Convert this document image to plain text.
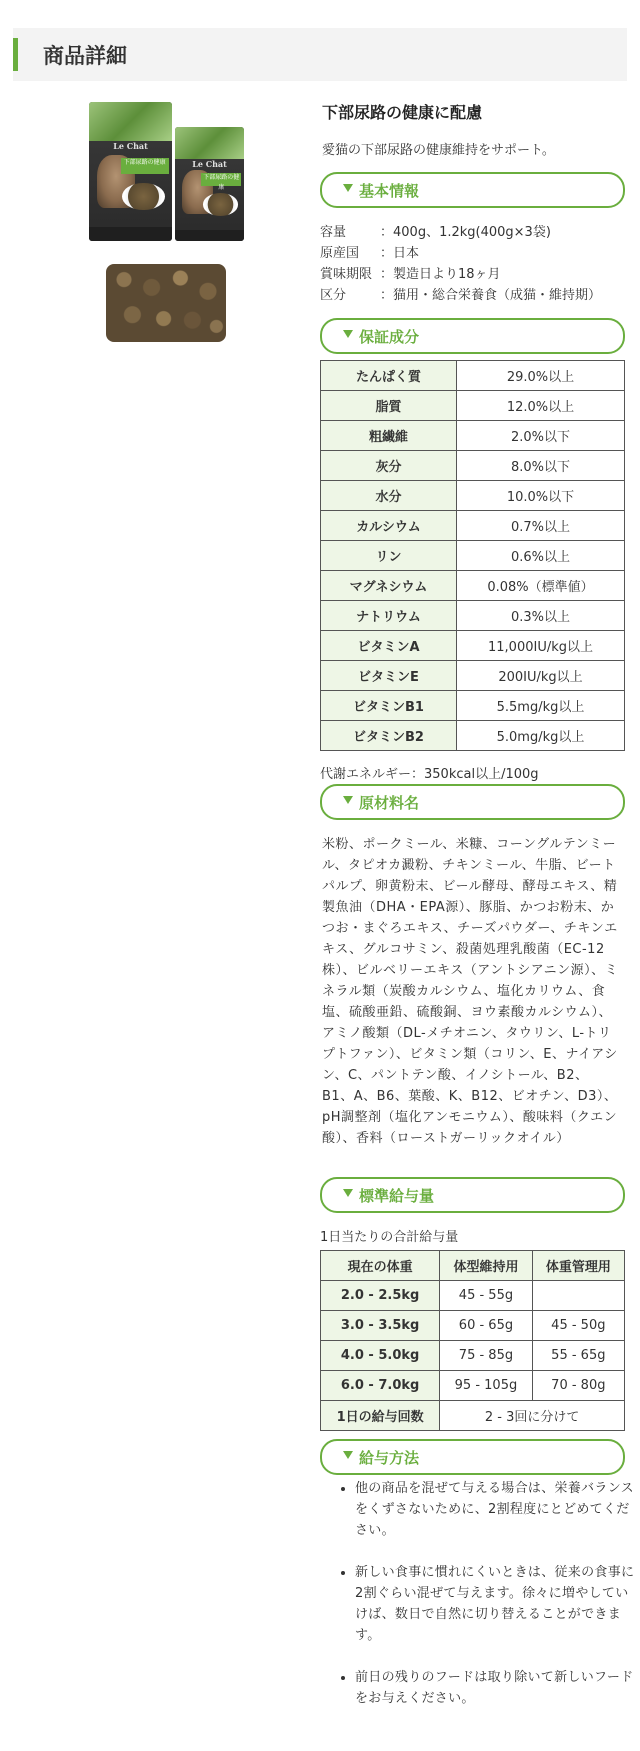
商品詳細
Le Chat
下部尿路の健康	Le Chat
下部尿路の健康
下部尿路の健康に配慮
愛猫の下部尿路の健康維持をサポート。
基本情報
容量	：400g、1.2kg(400g×3袋)
原産国	：日本
賞味期限 ：製造日より18ヶ月
区分	：猫用・総合栄養食（成猫・維持期）
保証成分
たんぱく質	29.0%以上
脂質	12.0%以上
粗繊維	2.0%以下
灰分	8.0%以下
水分	10.0%以下
カルシウム	0.7%以上
リン	0.6%以上
マグネシウム	0.08%（標準値）
ナトリウム	0.3%以上
ビタミンA	11,000IU/kg以上
ビタミンE	200IU/kg以上
ビタミンB1	5.5mg/kg以上
ビタミンB2	5.0mg/kg以上
代謝エネルギー：350kcal以上/100g
原材料名
米粉、ポークミール、米糠、コーングルテンミール、タピオカ澱粉、チキンミール、牛脂、ビートパルプ、卵黄粉末、ビール酵母、酵母エキス、精製魚油（DHA・EPA源）、豚脂、かつお粉末、かつお・まぐろエキス、チーズパウダー、チキンエキス、グルコサミン、殺菌処理乳酸菌（EC-12株）、ビルベリーエキス（アントシアニン源）、ミネラル類（炭酸カルシウム、塩化カリウム、食塩、硫酸亜鉛、硫酸銅、ヨウ素酸カルシウム）、アミノ酸類（DL-メチオニン、タウリン、L-トリプトファン）、ビタミン類（コリン、E、ナイアシン、C、パントテン酸、イノシトール、B2、B1、A、B6、葉酸、K、B12、ビオチン、D3）、pH調整剤（塩化アンモニウム）、酸味料（クエン酸）、香料（ローストガーリックオイル）
標準給与量
1日当たりの合計給与量
現在の体重	体型維持用	体重管理用
2.0 - 2.5kg	45 - 55g	
3.0 - 3.5kg	60 - 65g	45 - 50g
4.0 - 5.0kg	75 - 85g	55 - 65g
6.0 - 7.0kg	95 - 105g	70 - 80g
1日の給与回数	2 - 3回に分けて	
給与方法
• 他の商品を混ぜて与える場合は、栄養バランスをくずさないために、2割程度にとどめてください。
• 新しい食事に慣れにくいときは、従来の食事に2割ぐらい混ぜて与えます。徐々に増やしていけば、数日で自然に切り替えることができます。
• 前日の残りのフードは取り除いて新しいフードをお与えください。
